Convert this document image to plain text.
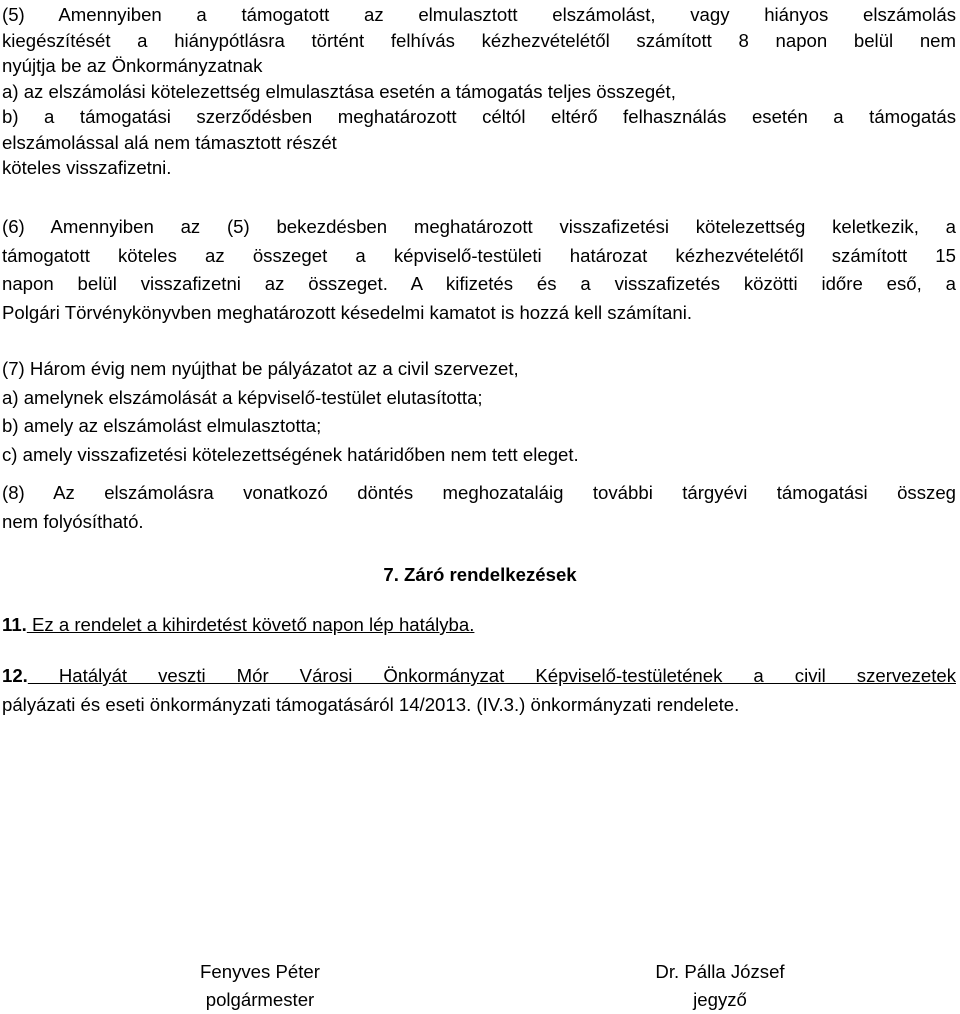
(5) Amennyiben a támogatott az elmulasztott elszámolást, vagy hiányos elszámolás
kiegészítését a hiánypótlásra történt felhívás kézhezvételétől számított 8 napon belül nem
nyújtja be az Önkormányzatnak
a) az elszámolási kötelezettség elmulasztása esetén a támogatás teljes összegét,
b) a támogatási szerződésben meghatározott céltól eltérő felhasználás esetén a támogatás
elszámolással alá nem támasztott részét
köteles visszafizetni.
(6) Amennyiben az (5) bekezdésben meghatározott visszafizetési kötelezettség keletkezik, a
támogatott köteles az összeget a képviselő-testületi határozat kézhezvételétől számított 15
napon belül visszafizetni az összeget. A kifizetés és a visszafizetés közötti időre eső, a
Polgári Törvénykönyvben meghatározott késedelmi kamatot is hozzá kell számítani.
(7) Három évig nem nyújthat be pályázatot az a civil szervezet,
a) amelynek elszámolását a képviselő-testület elutasította;
b) amely az elszámolást elmulasztotta;
c) amely visszafizetési kötelezettségének határidőben nem tett eleget.
(8) Az elszámolásra vonatkozó döntés meghozataláig további tárgyévi támogatási összeg
nem folyósítható.
7. Záró rendelkezések
11. Ez a rendelet a kihirdetést követő napon lép hatályba.
12. Hatályát veszti Mór Városi Önkormányzat Képviselő-testületének a civil szervezetek
pályázati és eseti önkormányzati támogatásáról 14/2013. (IV.3.) önkormányzati rendelete.
Fenyves Péter
polgármester
Dr. Pálla József
jegyző
